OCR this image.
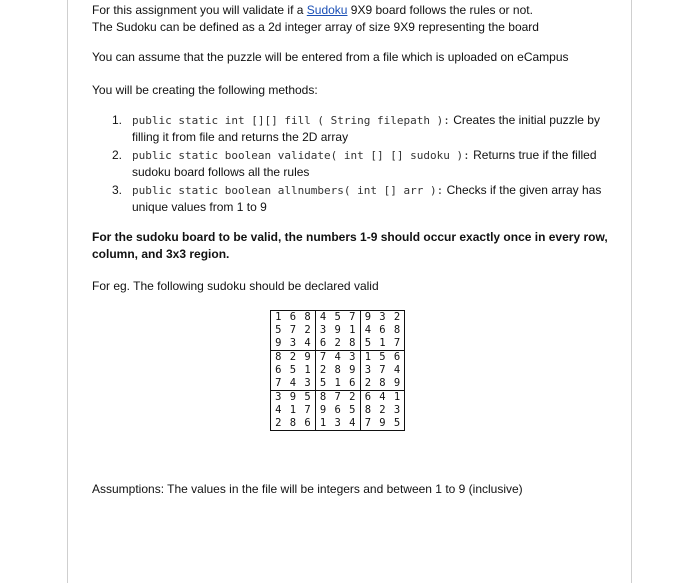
For this assignment you will validate if a Sudoku 9X9 board follows the rules or not.
The Sudoku can be defined as a 2d integer array of size 9X9 representing the board
You can assume that the puzzle will be entered from a file which is uploaded on eCampus
You will be creating the following methods:
1. public static int [][] fill ( String filepath ): Creates the initial puzzle by filling it from file and returns the 2D array
2. public static boolean validate( int [] [] sudoku ): Returns true if the filled sudoku board follows all the rules
3. public static boolean allnumbers( int [] arr ): Checks if the given array has unique values from 1 to 9
For the sudoku board to be valid, the numbers 1-9 should occur exactly once in every row, column, and 3x3 region.
For eg. The following sudoku should be declared valid
1	6	8	4	5	7	9	3	2
5	7	2	3	9	1	4	6	8
9	3	4	6	2	8	5	1	7
8	2	9	7	4	3	1	5	6
6	5	1	2	8	9	3	7	4
7	4	3	5	1	6	2	8	9
3	9	5	8	7	2	6	4	1
4	1	7	9	6	5	8	2	3
2	8	6	1	3	4	7	9	5
Assumptions: The values in the file will be integers and between 1 to 9 (inclusive)
